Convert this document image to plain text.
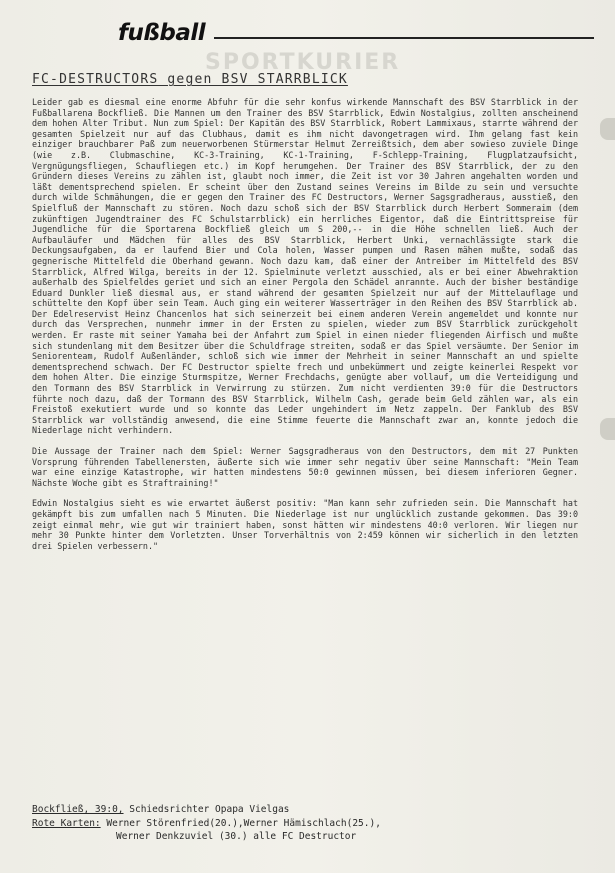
fußball
SPORTKURIER
FC-DESTRUCTORS gegen BSV STARRBLICK

Leider gab es diesmal eine enorme Abfuhr für die sehr konfus wirkende Mannschaft des BSV Starrblick in der Fußballarena Bockfließ. Die Mannen um den Trainer des BSV Starrblick, Edwin Nostalgius, zollten anscheinend dem hohen Alter Tribut. Nun zum Spiel: Der Kapitän des BSV Starrblick, Robert Lammixaus, starrte während der gesamten Spielzeit nur auf das Clubhaus, damit es ihm nicht davongetragen wird. Ihm gelang fast kein einziger brauchbarer Paß zum neuerworbenen Stürmerstar Helmut Zerreißtsich, dem aber sowieso zuviele Dinge (wie z.B. Clubmaschine, KC-3-Training, KC-1-Training, F-Schlepp-Training, Flugplatzaufsicht, Vergnügungsfliegen, Schaufliegen etc.) im Kopf herumgehen. Der Trainer des BSV Starrblick, der zu den Gründern dieses Vereins zu zählen ist, glaubt noch immer, die Zeit ist vor 30 Jahren angehalten worden und läßt dementsprechend spielen. Er scheint über den Zustand seines Vereins im Bilde zu sein und versuchte durch wilde Schmähungen, die er gegen den Trainer des FC Destructors, Werner Sagsgradheraus, ausstieß, den Spielfluß der Mannschaft zu stören. Noch dazu schoß sich der BSV Starrblick durch Herbert Sommeraim (dem zukünftigen Jugendtrainer des FC Schulstarrblick) ein herrliches Eigentor, daß die Eintrittspreise für Jugendliche für die Sportarena Bockfließ gleich um S 200,-- in die Höhe schnellen ließ. Auch der Aufbauläufer und Mädchen für alles des BSV Starrblick, Herbert Unki, vernachlässigte stark die Deckungsaufgaben, da er laufend Bier und Cola holen, Wasser pumpen und Rasen mähen mußte, sodaß das gegnerische Mittelfeld die Oberhand gewann. Noch dazu kam, daß einer der Antreiber im Mittelfeld des BSV Starrblick, Alfred Wilga, bereits in der 12. Spielminute verletzt ausschied, als er bei einer Abwehraktion außerhalb des Spielfeldes geriet und sich an einer Pergola den Schädel anrannte. Auch der bisher beständige Eduard Dunkler ließ diesmal aus, er stand während der gesamten Spielzeit nur auf der Mittelauflage und schüttelte den Kopf über sein Team. Auch ging ein weiterer Wasserträger in den Reihen des BSV Starrblick ab. Der Edelreservist Heinz Chancenlos hat sich seinerzeit bei einem anderen Verein angemeldet und konnte nur durch das Versprechen, nunmehr immer in der Ersten zu spielen, wieder zum BSV Starrblick zurückgeholt werden. Er raste mit seiner Yamaha bei der Anfahrt zum Spiel in einen nieder fliegenden Airfisch und mußte sich stundenlang mit dem Besitzer über die Schuldfrage streiten, sodaß er das Spiel versäumte. Der Senior im Seniorenteam, Rudolf Außenländer, schloß sich wie immer der Mehrheit in seiner Mannschaft an und spielte dementsprechend schwach. Der FC Destructor spielte frech und unbekümmert und zeigte keinerlei Respekt vor dem hohen Alter. Die einzige Sturmspitze, Werner Frechdachs, genügte aber vollauf, um die Verteidigung und den Tormann des BSV Starrblick in Verwirrung zu stürzen. Zum nicht verdienten 39:0 für die Destructors führte noch dazu, daß der Tormann des BSV Starrblick, Wilhelm Cash, gerade beim Geld zählen war, als ein Freistoß exekutiert wurde und so konnte das Leder ungehindert im Netz zappeln. Der Fanklub des BSV Starrblick war vollständig anwesend, die eine Stimme feuerte die Mannschaft zwar an, konnte jedoch die Niederlage nicht verhindern.

Die Aussage der Trainer nach dem Spiel: Werner Sagsgradheraus von den Destructors, dem mit 27 Punkten Vorsprung führenden Tabellenersten, äußerte sich wie immer sehr negativ über seine Mannschaft: "Mein Team war eine einzige Katastrophe, wir hatten mindestens 50:0 gewinnen müssen, bei diesem inferioren Gegner. Nächste Woche gibt es Straftraining!"

Edwin Nostalgius sieht es wie erwartet äußerst positiv: "Man kann sehr zufrieden sein. Die Mannschaft hat gekämpft bis zum umfallen nach 5 Minuten. Die Niederlage ist nur unglücklich zustande gekommen. Das 39:0 zeigt einmal mehr, wie gut wir trainiert haben, sonst hätten wir mindestens 40:0 verloren. Wir liegen nur mehr 30 Punkte hinter dem Vorletzten. Unser Torverhältnis von 2:459 können wir sicherlich in den letzten drei Spielen verbessern."

Bockfließ, 39:0, Schiedsrichter Opapa Vielgas
Rote Karten: Werner Störenfried(20.),Werner Hämischlach(25.),
Werner Denkzuviel (30.) alle FC Destructor
